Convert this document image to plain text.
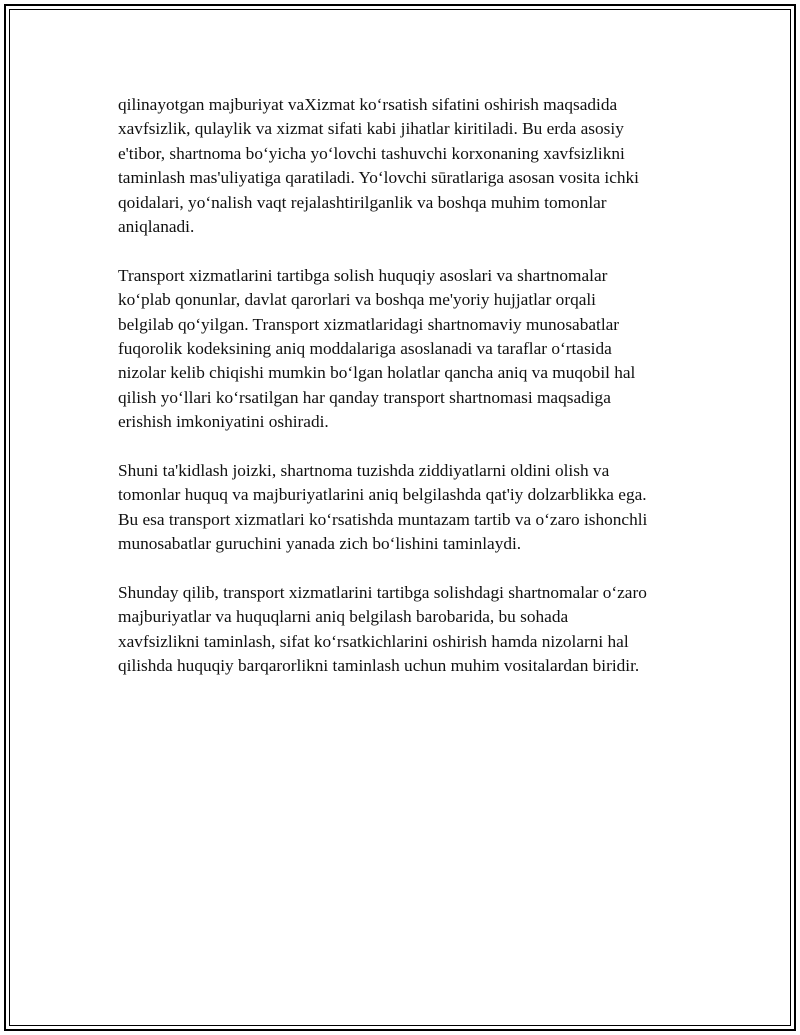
qilinayotgan majburiyat vaXizmat koʻrsatish sifatini oshirish maqsadida
xavfsizlik, qulaylik va xizmat sifati kabi jihatlar kiritiladi. Bu erda asosiy
e'tibor, shartnoma boʻyicha yoʻlovchi tashuvchi korxonaning xavfsizlikni
taminlash mas'uliyatiga qaratiladi. Yoʻlovchi sūratlariga asosan vosita ichki
qoidalari, yoʻnalish vaqt rejalashtirilganlik va boshqa muhim tomonlar
aniqlanadi.

Transport xizmatlarini tartibga solish huquqiy asoslari va shartnomalar
koʻplab qonunlar, davlat qarorlari va boshqa me'yoriy hujjatlar orqali
belgilab qoʻyilgan. Transport xizmatlaridagi shartnomaviy munosabatlar
fuqorolik kodeksining aniq moddalariga asoslanadi va taraflar oʻrtasida
nizolar kelib chiqishi mumkin boʻlgan holatlar qancha aniq va muqobil hal
qilish yoʻllari koʻrsatilgan har qanday transport shartnomasi maqsadiga
erishish imkoniyatini oshiradi.

Shuni ta'kidlash joizki, shartnoma tuzishda ziddiyatlarni oldini olish va
tomonlar huquq va majburiyatlarini aniq belgilashda qat'iy dolzarblikka ega.
Bu esa transport xizmatlari koʻrsatishda muntazam tartib va oʻzaro ishonchli
munosabatlar guruchini yanada zich boʻlishini taminlaydi.

Shunday qilib, transport xizmatlarini tartibga solishdagi shartnomalar oʻzaro
majburiyatlar va huquqlarni aniq belgilash barobarida, bu sohada
xavfsizlikni taminlash, sifat koʻrsatkichlarini oshirish hamda nizolarni hal
qilishda huquqiy barqarorlikni taminlash uchun muhim vositalardan biridir.
